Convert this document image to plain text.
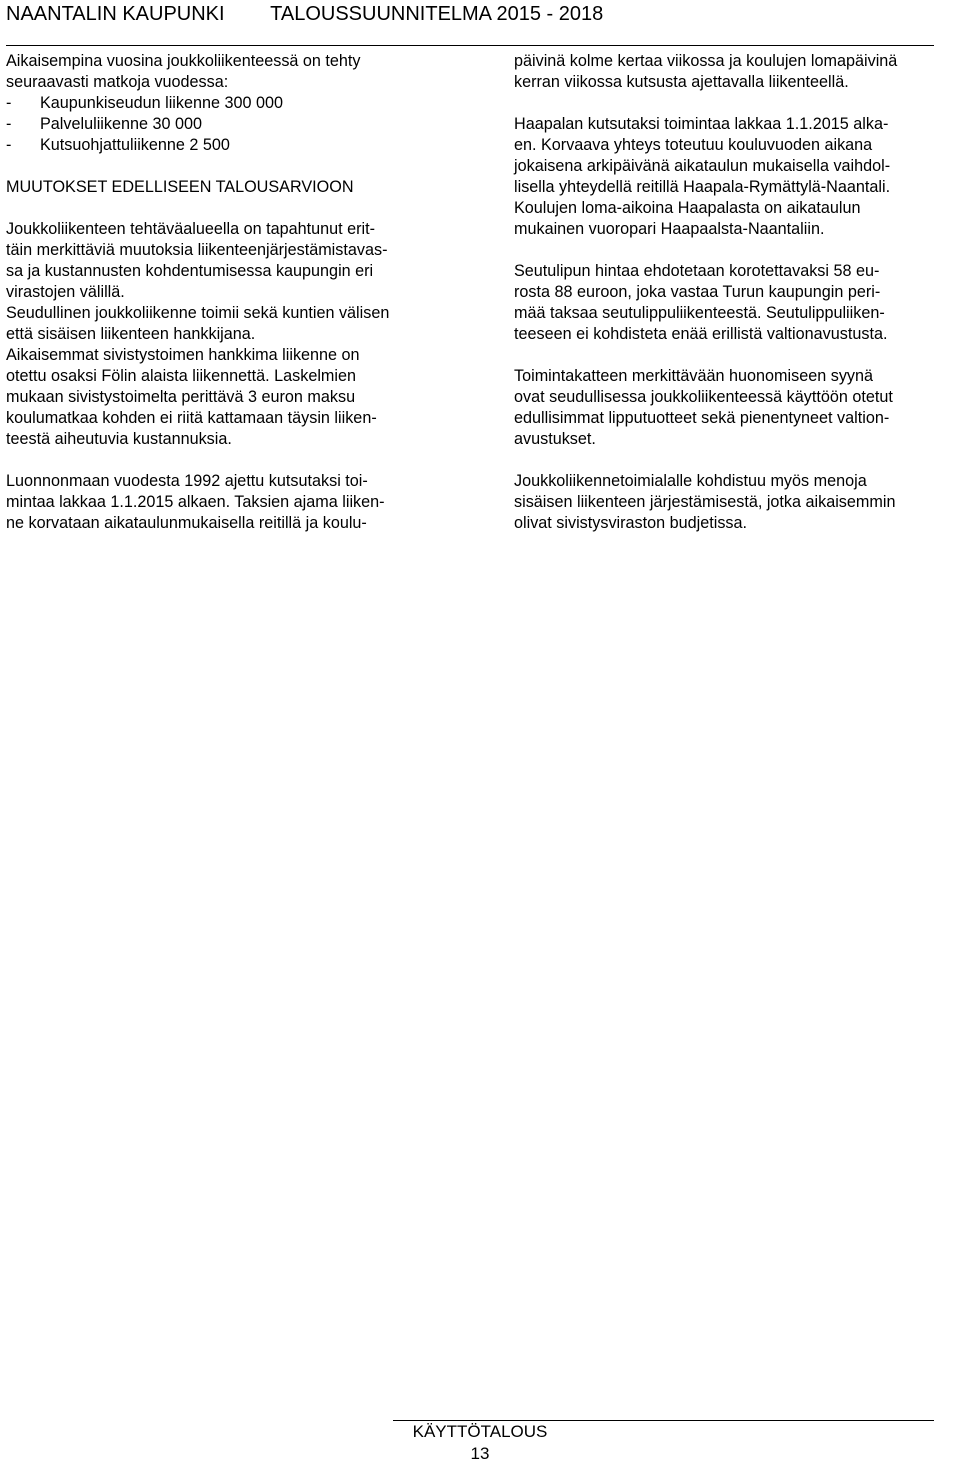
NAANTALIN KAUPUNKI TALOUSSUUNNITELMA 2015 - 2018

Aikaisempina vuosina joukkoliikenteessä on tehty
seuraavasti matkoja vuodessa:

-	Kaupunkiseudun liikenne 300 000
-	Palveluliikenne 30 000
-	Kutsuohjattuliikenne 2 500

MUUTOKSET EDELLISEEN TALOUSARVIOON

Joukkoliikenteen tehtäväalueella on tapahtunut erit-
täin merkittäviä muutoksia liikenteenjärjestämistavas-
sa ja kustannusten kohdentumisessa kaupungin eri
virastojen välillä.

Seudullinen joukkoliikenne toimii sekä kuntien välisen
että sisäisen liikenteen hankkijana.

Aikaisemmat sivistystoimen hankkima liikenne on
otettu osaksi Fölin alaista liikennettä. Laskelmien
mukaan sivistystoimelta perittävä 3 euron maksu
koulumatkaa kohden ei riitä kattamaan täysin liiken-
teestä aiheutuvia kustannuksia.

Luonnonmaan vuodesta 1992 ajettu kutsutaksi toi-
mintaa lakkaa 1.1.2015 alkaen. Taksien ajama liiken-
ne korvataan aikataulunmukaisella reitillä ja koulu-

päivinä kolme kertaa viikossa ja koulujen lomapäivinä
kerran viikossa kutsusta ajettavalla liikenteellä.

Haapalan kutsutaksi toimintaa lakkaa 1.1.2015 alka-
en. Korvaava yhteys toteutuu kouluvuoden aikana
jokaisena arkipäivänä aikataulun mukaisella vaihdol-
lisella yhteydellä reitillä Haapala-Rymättylä-Naantali.
Koulujen loma-aikoina Haapalasta on aikataulun
mukainen vuoropari Haapaalsta-Naantaliin.

Seutulipun hintaa ehdotetaan korotettavaksi 58 eu-
rosta 88 euroon, joka vastaa Turun kaupungin peri-
mää taksaa seutulippuliikenteestä. Seutulippuliiken-
teeseen ei kohdisteta enää erillistä valtionavustusta.

Toimintakatteen merkittävään huonomiseen syynä
ovat seudullisessa joukkoliikenteessä käyttöön otetut
edullisimmat lipputuotteet sekä pienentyneet valtion-
avustukset.

Joukkoliikennetoimialalle kohdistuu myös menoja
sisäisen liikenteen järjestämisestä, jotka aikaisemmin
olivat sivistysviraston budjetissa.

KÄYTTÖTALOUS
13
